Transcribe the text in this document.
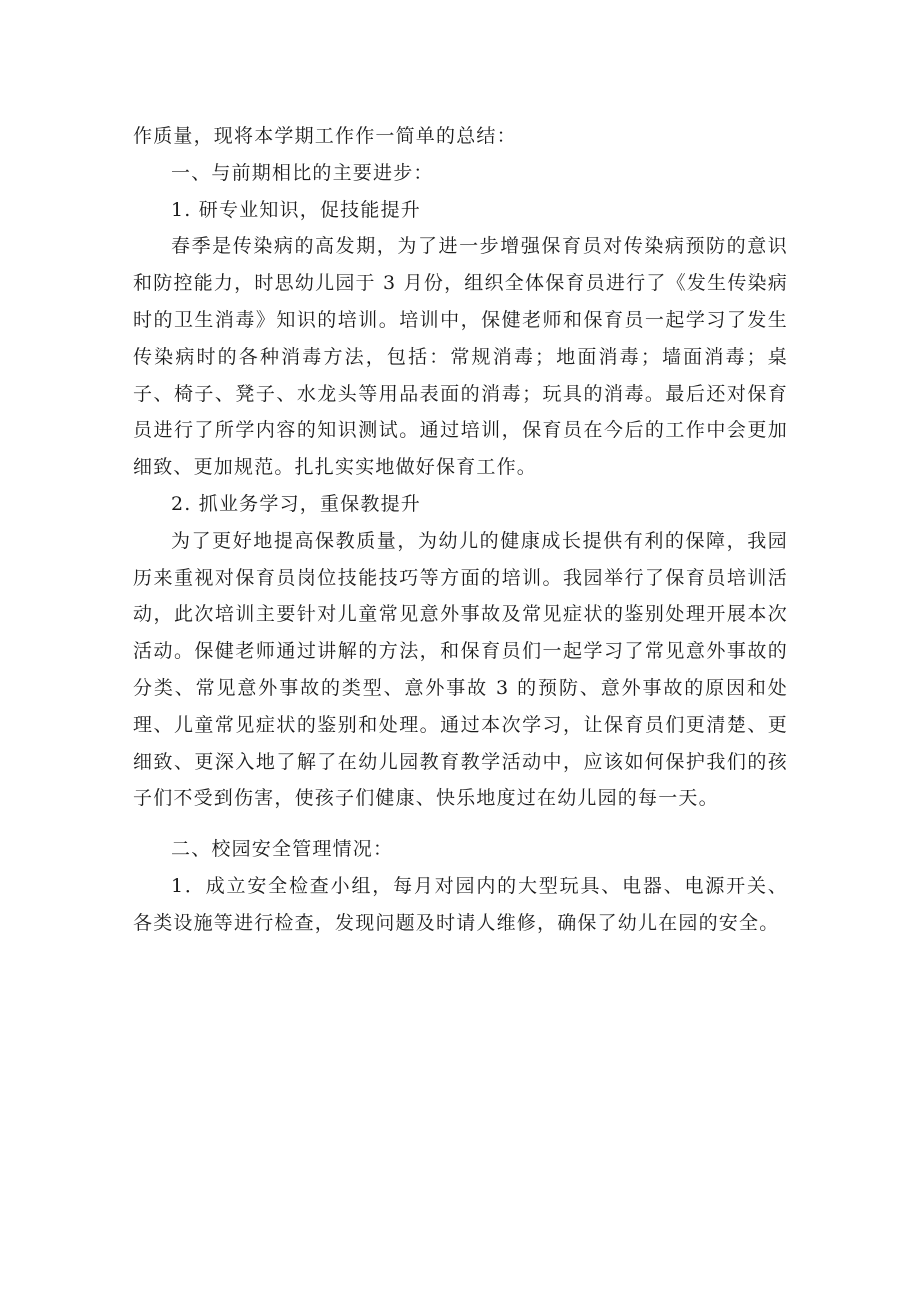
作质量，现将本学期工作作一简单的总结：

一、与前期相比的主要进步：

1. 研专业知识，促技能提升

春季是传染病的高发期，为了进一步增强保育员对传染病预防的意识和防控能力，时思幼儿园于 3 月份，组织全体保育员进行了《发生传染病时的卫生消毒》知识的培训。培训中，保健老师和保育员一起学习了发生传染病时的各种消毒方法，包括：常规消毒；地面消毒；墙面消毒；桌子、椅子、凳子、水龙头等用品表面的消毒；玩具的消毒。最后还对保育员进行了所学内容的知识测试。通过培训，保育员在今后的工作中会更加细致、更加规范。扎扎实实地做好保育工作。

2. 抓业务学习，重保教提升

为了更好地提高保教质量，为幼儿的健康成长提供有利的保障，我园历来重视对保育员岗位技能技巧等方面的培训。我园举行了保育员培训活动，此次培训主要针对儿童常见意外事故及常见症状的鉴别处理开展本次活动。保健老师通过讲解的方法，和保育员们一起学习了常见意外事故的分类、常见意外事故的类型、意外事故 3 的预防、意外事故的原因和处理、儿童常见症状的鉴别和处理。通过本次学习，让保育员们更清楚、更细致、更深入地了解了在幼儿园教育教学活动中，应该如何保护我们的孩子们不受到伤害，使孩子们健康、快乐地度过在幼儿园的每一天。

二、校园安全管理情况：

1．成立安全检查小组，每月对园内的大型玩具、电器、电源开关、各类设施等进行检查，发现问题及时请人维修，确保了幼儿在园的安全。
